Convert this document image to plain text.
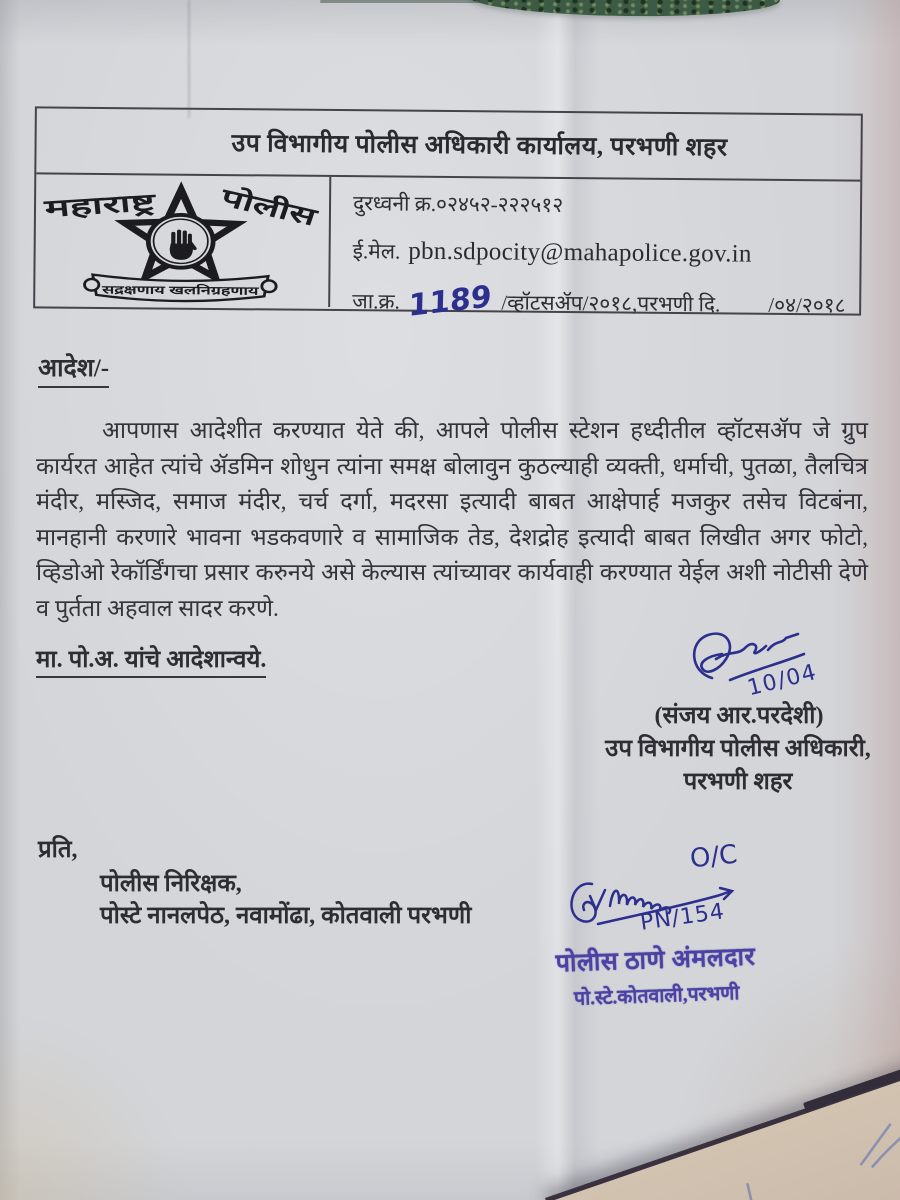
उप विभागीय पोलीस अधिकारी कार्यालय, परभणी शहर
महाराष्ट्र	पोलीस
सद्रक्षणाय खलनिग्रहणाय
दुरध्वनी क्र.०२४५२-२२२५१२
ई.मेल. pbn.sdpocity@mahapolice.gov.in
जा.क्र. 1189 /व्हॉटसॲप/२०१८,परभणी दि. /०४/२०१८
आदेश/-
आपणास आदेशीत करण्यात येते की, आपले पोलीस स्टेशन हध्दीतील व्हॉटसॲप जे ग्रुप कार्यरत आहेत त्यांचे ॲडमिन शोधुन त्यांना समक्ष बोलावुन कुठल्याही व्यक्ती, धर्माची, पुतळा, तैलचित्र मंदीर, मस्जिद, समाज मंदीर, चर्च दर्गा, मदरसा इत्यादी बाबत आक्षेपार्ह मजकुर तसेच विटबंना, मानहानी करणारे भावना भडकवणारे व सामाजिक तेड, देशद्रोह इत्यादी बाबत लिखीत अगर फोटो, व्हिडोओ रेकॉर्डिंगचा प्रसार करुनये असे केल्यास त्यांच्यावर कार्यवाही करण्यात येईल अशी नोटीसी देणे व पुर्तता अहवाल सादर करणे.
मा. पो.अ. यांचे आदेशान्वये.	10/04
(संजय आर.परदेशी)
उप विभागीय पोलीस अधिकारी,
परभणी शहर
प्रति,
पोलीस निरिक्षक,
पोस्टे नानलपेठ, नवामोंढा, कोतवाली परभणी
O/C
PN/154
पोलीस ठाणे अंमलदार
पो.स्टे.कोतवाली,परभणी
